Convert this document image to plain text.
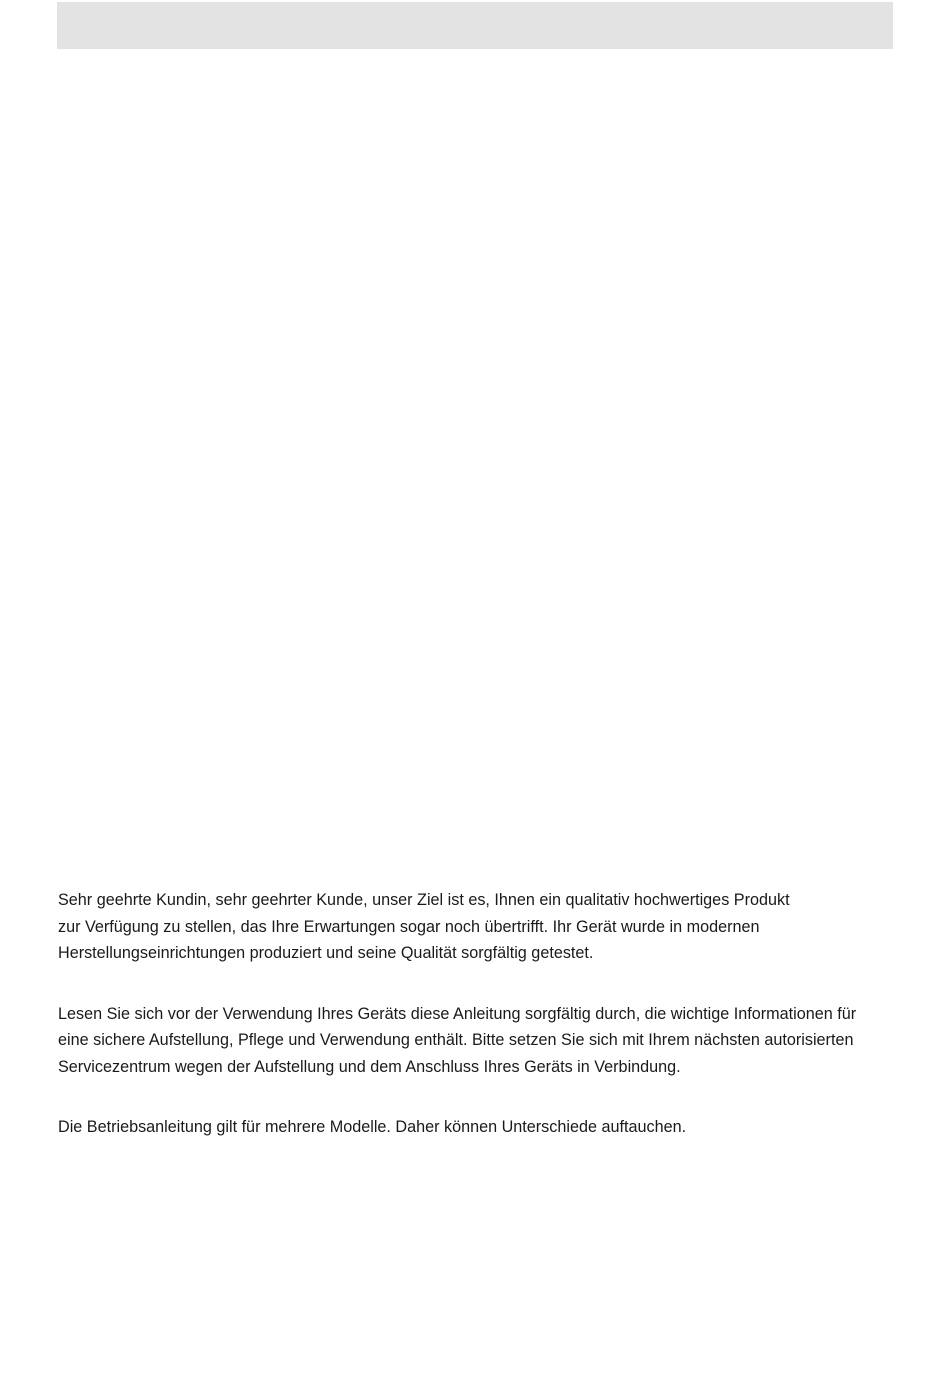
Sehr geehrte Kundin, sehr geehrter Kunde, unser Ziel ist es, Ihnen ein qualitativ hochwertiges Produkt
zur Verfügung zu stellen, das Ihre Erwartungen sogar noch übertrifft. Ihr Gerät wurde in modernen
Herstellungseinrichtungen produziert und seine Qualität sorgfältig getestet.

Lesen Sie sich vor der Verwendung Ihres Geräts diese Anleitung sorgfältig durch, die wichtige Informationen für
eine sichere Aufstellung, Pflege und Verwendung enthält. Bitte setzen Sie sich mit Ihrem nächsten autorisierten
Servicezentrum wegen der Aufstellung und dem Anschluss Ihres Geräts in Verbindung.

Die Betriebsanleitung gilt für mehrere Modelle. Daher können Unterschiede auftauchen.
